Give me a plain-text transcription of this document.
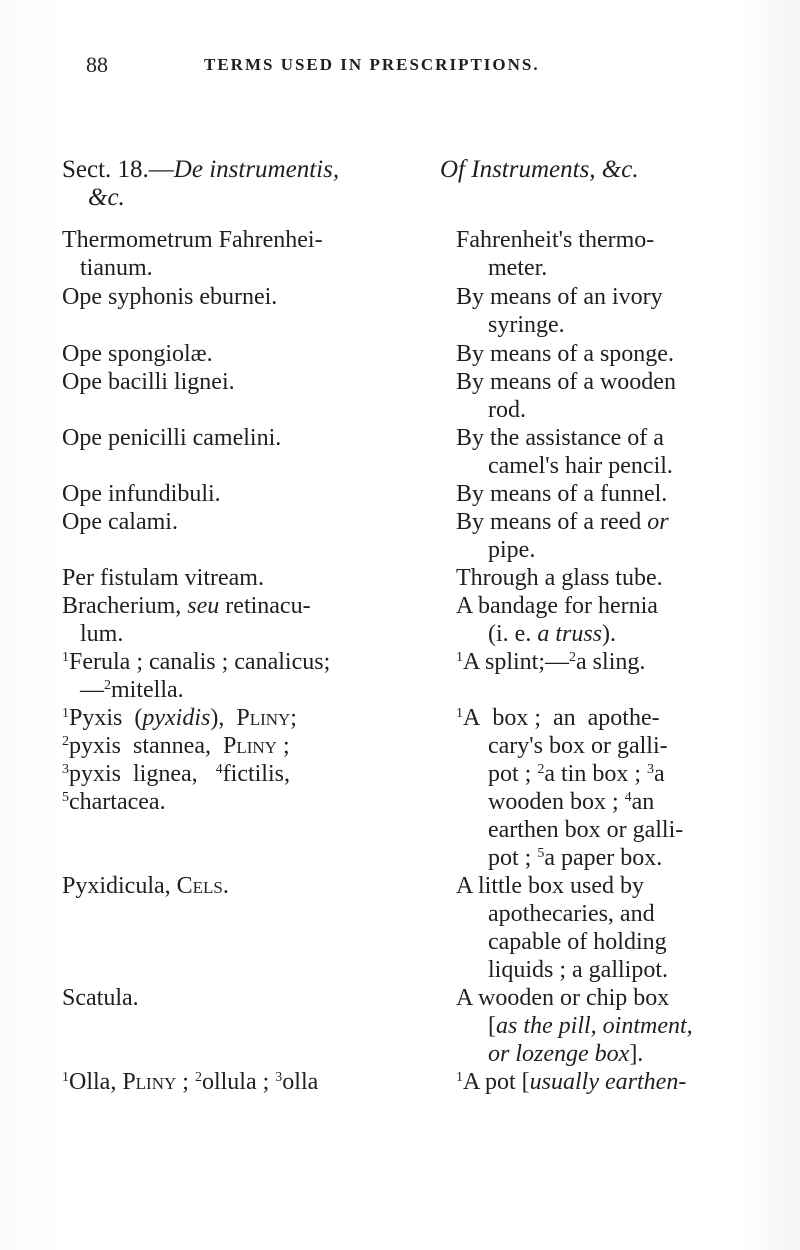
88	TERMS USED IN PRESCRIPTIONS.
Sect. 18.—De instrumentis,
&c.
Of Instruments, &c.
Thermometrum Fahrenhei-
tianum.
Ope syphonis eburnei.
Ope spongiolæ.
Ope bacilli lignei.
Ope penicilli camelini.
Ope infundibuli.
Ope calami.
Per fistulam vitream.
Bracherium, seu retinacu-
lum.
$^1$Ferula ; canalis ; canalicus;
—$^2$mitella.
$^1$Pyxis  (pyxidis),  Pliny;
$^2$pyxis  stannea,  Pliny ;
$^3$pyxis  lignea,   $^4$fictilis,
$^5$chartacea.
Pyxidicula, Cels.
Scatula.
$^1$Olla, Pliny ; $^2$ollula ; $^3$olla
Fahrenheit's thermo-
meter.
By means of an ivory
syringe.
By means of a sponge.
By means of a wooden
rod.
By the assistance of a
camel's hair pencil.
By means of a funnel.
By means of a reed or
pipe.
Through a glass tube.
A bandage for hernia
(i. e. a truss).
$^1$A splint;—$^2$a sling.
$^1$A  box ;  an  apothe-
cary's box or galli-
pot ; $^2$a tin box ; $^3$a
wooden box ; $^4$an
earthen box or galli-
pot ; $^5$a paper box.
A little box used by
apothecaries, and
capable of holding
liquids ; a gallipot.
A wooden or chip box
[as the pill, ointment,
or lozenge box].
$^1$A pot [usually earthen-
